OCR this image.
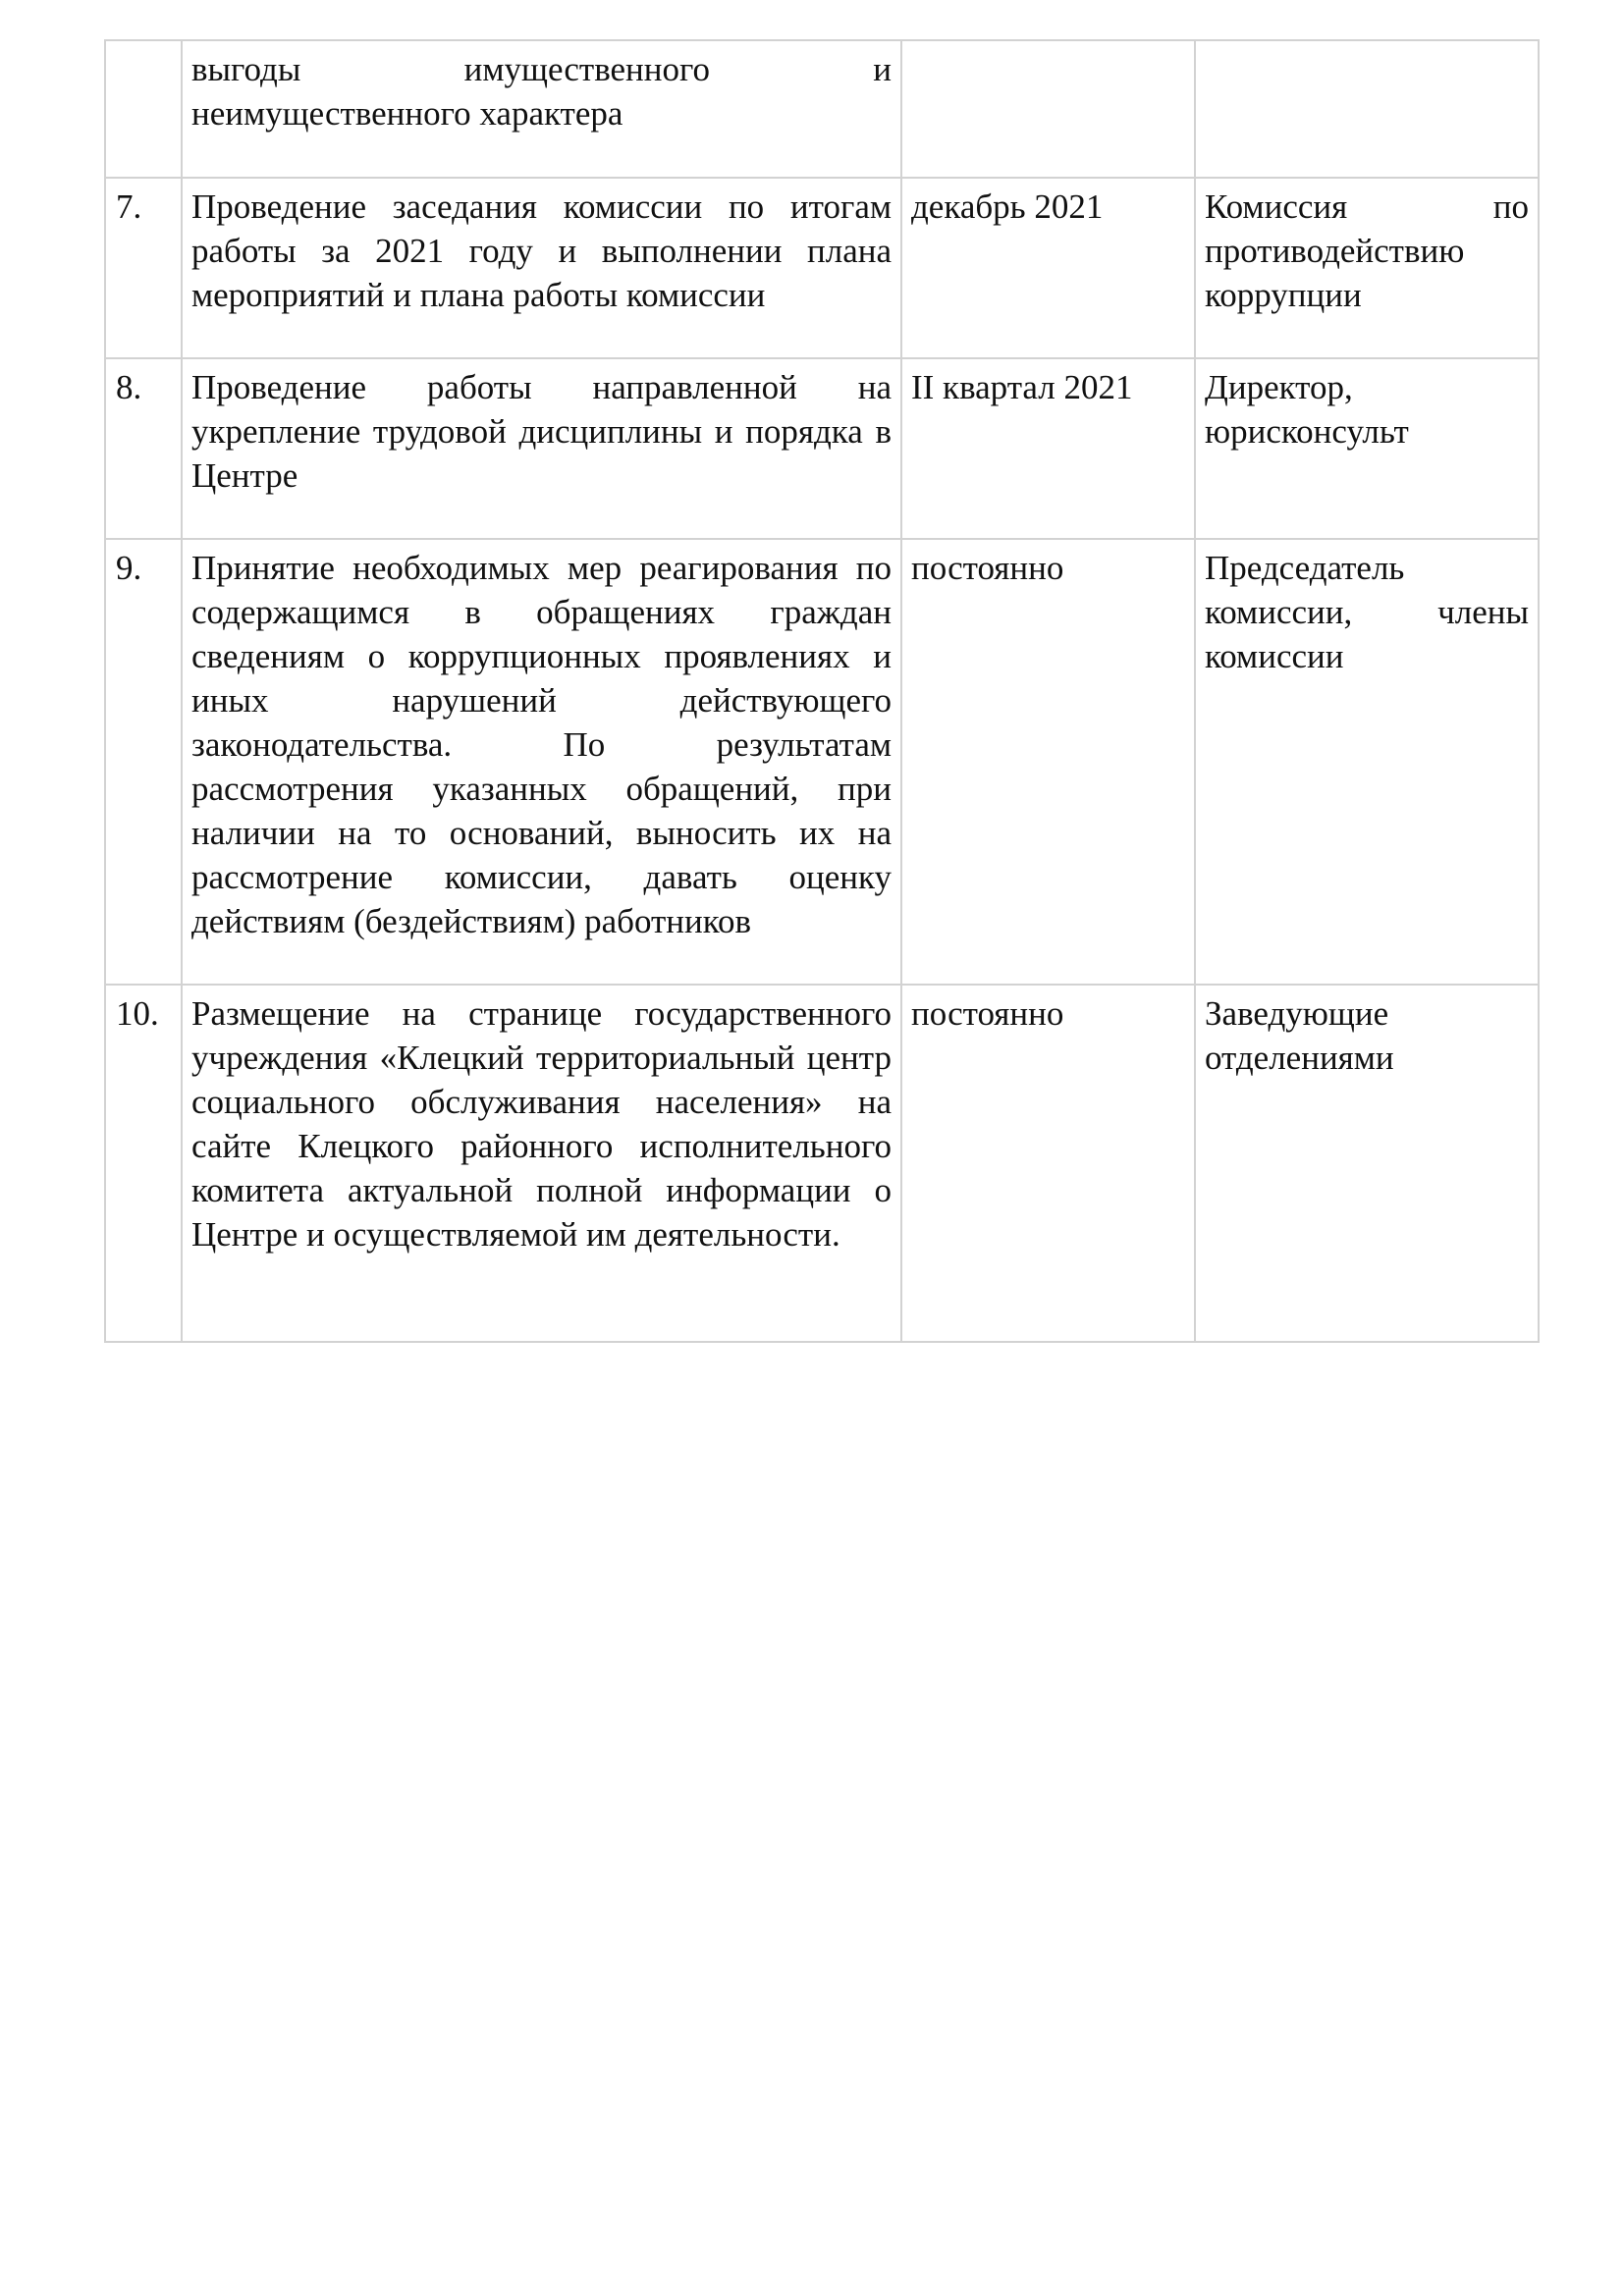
	выгоды имущественного и
неимущественного характера		
7.	Проведение заседания комиссии по итогам работы за 2021 году и выполнении плана мероприятий и плана работы комиссии	декабрь 2021	Комиссия по противодействию коррупции
8.	Проведение работы направленной на укрепление трудовой дисциплины и порядка в Центре	II квартал 2021	Директор, юрисконсульт
9.	Принятие необходимых мер реагирования по содержащимся в обращениях граждан сведениям о коррупционных проявлениях и иных нарушений действующего законодательства. По результатам рассмотрения указанных обращений, при наличии на то оснований, выносить их на рассмотрение комиссии, давать оценку действиям (бездействиям) работников	постоянно	Председатель комиссии, члены комиссии
10.	Размещение на странице государственного учреждения «Клецкий территориальный центр социального обслуживания населения» на сайте Клецкого районного исполнительного комитета актуальной полной информации о Центре и осуществляемой им деятельности.	постоянно	Заведующие отделениями
